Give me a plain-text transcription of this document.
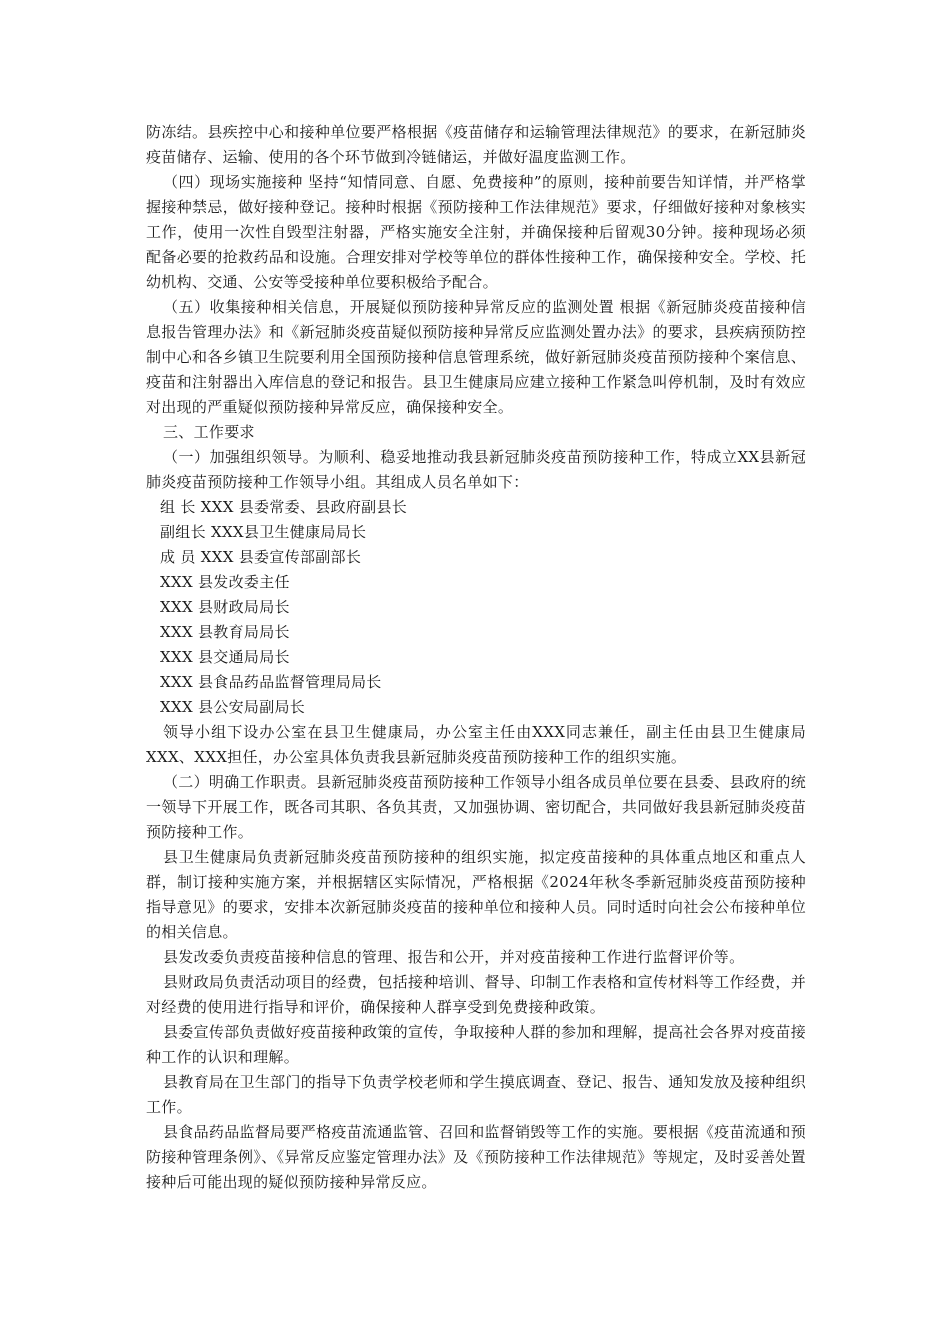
防冻结。县疾控中心和接种单位要严格根据《疫苗储存和运输管理法律规范》的要求，在新冠肺炎疫苗储存、运输、使用的各个环节做到冷链储运，并做好温度监测工作。

（四）现场实施接种 坚持“知情同意、自愿、免费接种”的原则，接种前要告知详情，并严格掌握接种禁忌，做好接种登记。接种时根据《预防接种工作法律规范》要求，仔细做好接种对象核实工作，使用一次性自毁型注射器，严格实施安全注射，并确保接种后留观30分钟。接种现场必须配备必要的抢救药品和设施。合理安排对学校等单位的群体性接种工作，确保接种安全。学校、托幼机构、交通、公安等受接种单位要积极给予配合。

（五）收集接种相关信息，开展疑似预防接种异常反应的监测处置 根据《新冠肺炎疫苗接种信息报告管理办法》和《新冠肺炎疫苗疑似预防接种异常反应监测处置办法》的要求，县疾病预防控制中心和各乡镇卫生院要利用全国预防接种信息管理系统，做好新冠肺炎疫苗预防接种个案信息、疫苗和注射器出入库信息的登记和报告。县卫生健康局应建立接种工作紧急叫停机制，及时有效应对出现的严重疑似预防接种异常反应，确保接种安全。

三、工作要求

（一）加强组织领导。为顺利、稳妥地推动我县新冠肺炎疫苗预防接种工作，特成立XX县新冠肺炎疫苗预防接种工作领导小组。其组成人员名单如下：

组 长 XXX 县委常委、县政府副县长

副组长 XXX县卫生健康局局长

成 员 XXX 县委宣传部副部长

XXX 县发改委主任

XXX 县财政局局长

XXX 县教育局局长

XXX 县交通局局长

XXX 县食品药品监督管理局局长

XXX 县公安局副局长

领导小组下设办公室在县卫生健康局，办公室主任由XXX同志兼任，副主任由县卫生健康局XXX、XXX担任，办公室具体负责我县新冠肺炎疫苗预防接种工作的组织实施。

（二）明确工作职责。县新冠肺炎疫苗预防接种工作领导小组各成员单位要在县委、县政府的统一领导下开展工作，既各司其职、各负其责，又加强协调、密切配合，共同做好我县新冠肺炎疫苗预防接种工作。

县卫生健康局负责新冠肺炎疫苗预防接种的组织实施，拟定疫苗接种的具体重点地区和重点人群，制订接种实施方案，并根据辖区实际情况，严格根据《2024年秋冬季新冠肺炎疫苗预防接种指导意见》的要求，安排本次新冠肺炎疫苗的接种单位和接种人员。同时适时向社会公布接种单位的相关信息。

县发改委负责疫苗接种信息的管理、报告和公开，并对疫苗接种工作进行监督评价等。

县财政局负责活动项目的经费，包括接种培训、督导、印制工作表格和宣传材料等工作经费，并对经费的使用进行指导和评价，确保接种人群享受到免费接种政策。

县委宣传部负责做好疫苗接种政策的宣传，争取接种人群的参加和理解，提高社会各界对疫苗接种工作的认识和理解。

县教育局在卫生部门的指导下负责学校老师和学生摸底调查、登记、报告、通知发放及接种组织工作。

县食品药品监督局要严格疫苗流通监管、召回和监督销毁等工作的实施。要根据《疫苗流通和预防接种管理条例》、《异常反应鉴定管理办法》及《预防接种工作法律规范》等规定，及时妥善处置接种后可能出现的疑似预防接种异常反应。
